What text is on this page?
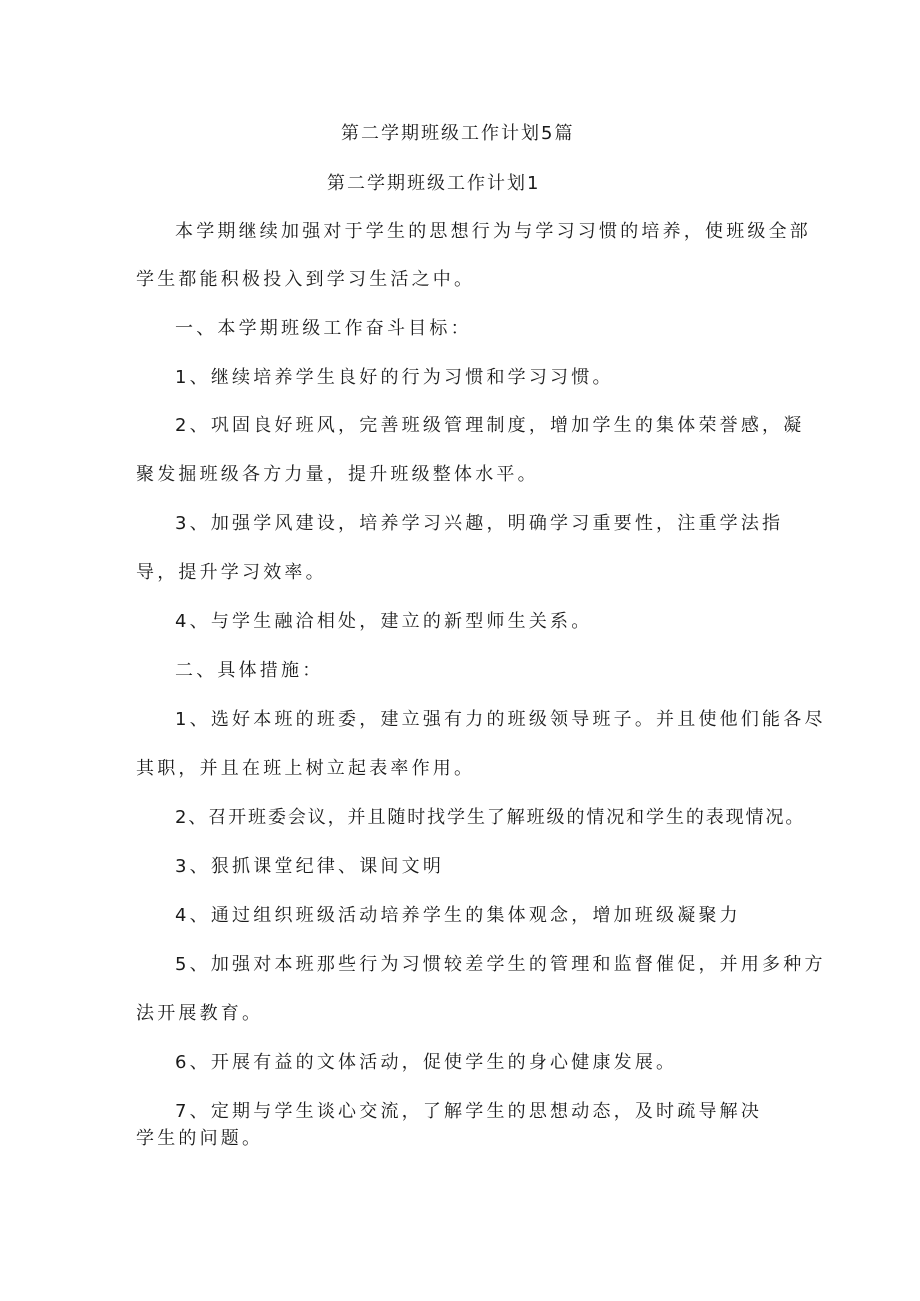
第二学期班级工作计划5篇
第二学期班级工作计划1
本学期继续加强对于学生的思想行为与学习习惯的培养，使班级全部
学生都能积极投入到学习生活之中。
一、本学期班级工作奋斗目标：
1、继续培养学生良好的行为习惯和学习习惯。
2、巩固良好班风，完善班级管理制度，增加学生的集体荣誉感，凝
聚发掘班级各方力量，提升班级整体水平。
3、加强学风建设，培养学习兴趣，明确学习重要性，注重学法指
导，提升学习效率。
4、与学生融洽相处，建立的新型师生关系。
二、具体措施：
1、选好本班的班委，建立强有力的班级领导班子。并且使他们能各尽
其职，并且在班上树立起表率作用。
2、召开班委会议，并且随时找学生了解班级的情况和学生的表现情况。
3、狠抓课堂纪律、课间文明
4、通过组织班级活动培养学生的集体观念，增加班级凝聚力
5、加强对本班那些行为习惯较差学生的管理和监督催促，并用多种方
法开展教育。
6、开展有益的文体活动，促使学生的身心健康发展。
7、定期与学生谈心交流，了解学生的思想动态，及时疏导解决
学生的问题。
